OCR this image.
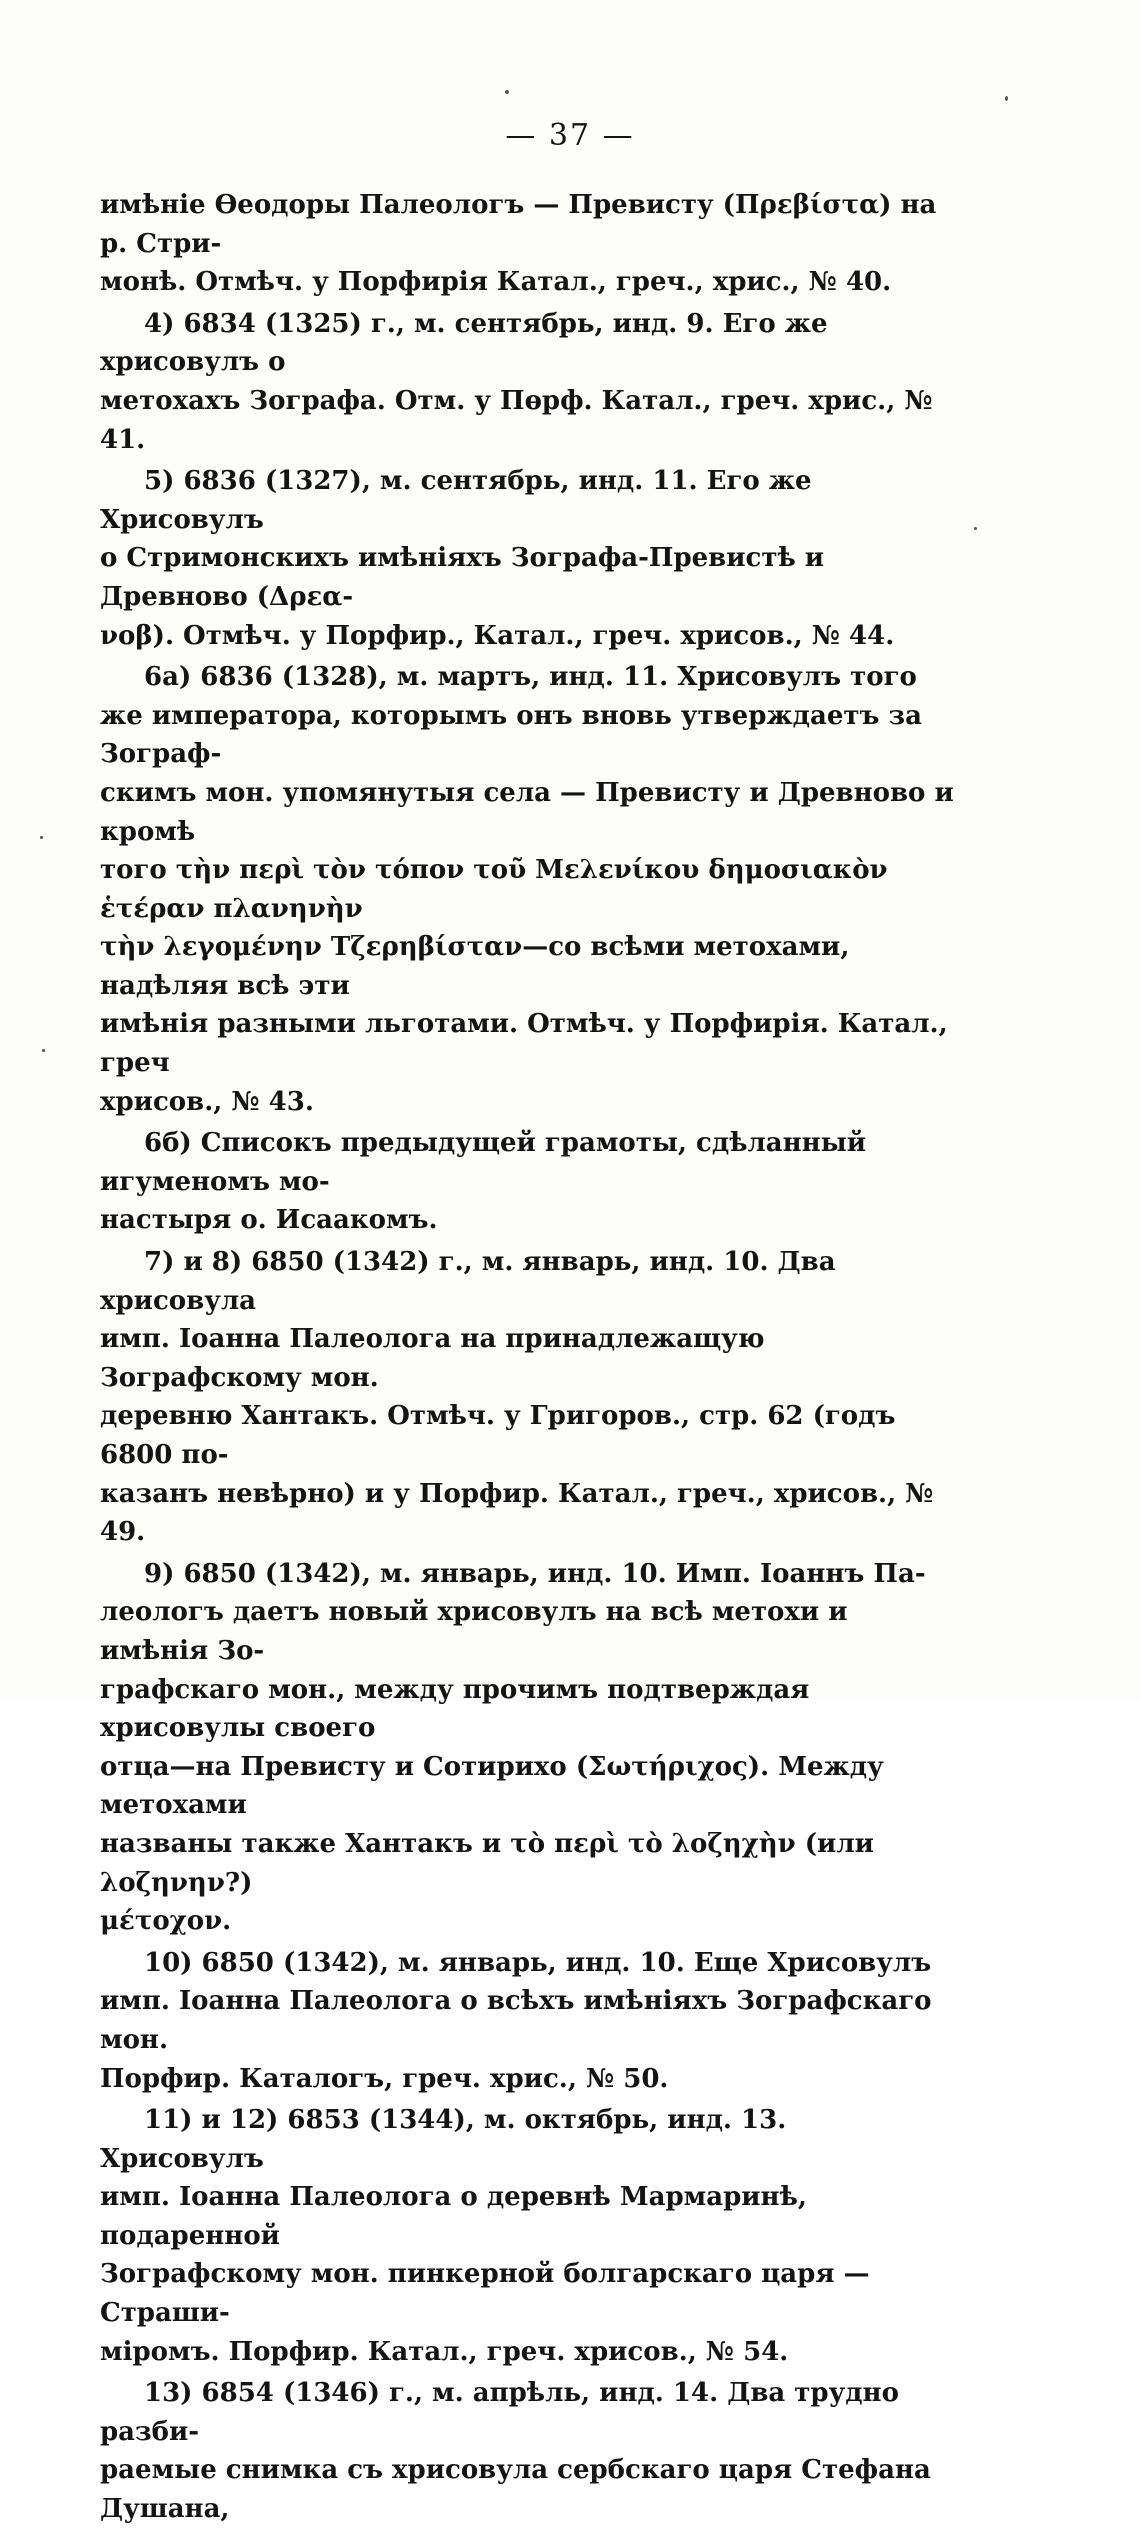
— 37 —

имѣніе Ѳеодоры Палеологъ — Превисту (Πρεβίστα) на р. Стри-
монѣ. Отмѣч. у Порфирія Катал., греч., хрис., № 40.

4) 6834 (1325) г., м. сентябрь, инд. 9. Его же хрисовулъ о
метохахъ Зографа. Отм. у Пөрф. Катал., греч. хрис., № 41.

5) 6836 (1327), м. сентябрь, инд. 11. Его же Хрисовулъ
о Стримонскихъ имѣніяхъ Зографа-Превистѣ и Древново (Δρεα-
νοβ). Отмѣч. у Порфир., Катал., греч. хрисов., № 44.

6а) 6836 (1328), м. мартъ, инд. 11. Хрисовулъ того
же императора, которымъ онъ вновь утверждаетъ за Зограф-
скимъ мон. упомянутыя села — Превисту и Древново и кромѣ
того τὴν περὶ τὸν τόπον τοῦ Μελενίκου δημοσιακὸν ἑτέραν πλανηνὴν
τὴν λεγομένην Τζερηβίσταν—со всѣми метохами, надѣляя всѣ эти
имѣнія разными льготами. Отмѣч. у Порфирія. Катал., греч
хрисов., № 43.

6б) Списокъ предыдущей грамоты, сдѣланный игуменомъ мо-
настыря о. Исаакомъ.

7) и 8) 6850 (1342) г., м. январь, инд. 10. Два хрисовула
имп. Іоанна Палеолога на принадлежащую Зографскому мон.
деревню Хантакъ. Отмѣч. у Григоров., стр. 62 (годъ 6800 по-
казанъ невѣрно) и у Порфир. Катал., греч., хрисов., № 49.

9) 6850 (1342), м. январь, инд. 10. Имп. Іоаннъ Па-
леологъ даетъ новый хрисовулъ на всѣ метохи и имѣнія Зо-
графскаго мон., между прочимъ подтверждая хрисовулы своего
отца—на Превисту и Сотирихо (Σωτήριχος). Между метохами
названы также Хантакъ и τὸ περὶ τὸ λοζηχὴν (или λοζηνην?)
μέτοχον.

10) 6850 (1342), м. январь, инд. 10. Еще Хрисовулъ
имп. Іоанна Палеолога о всѣхъ имѣніяхъ Зографскаго мон.
Порфир. Каталогъ, греч. хрис., № 50.

11) и 12) 6853 (1344), м. октябрь, инд. 13. Хрисовулъ
имп. Іоанна Палеолога о деревнѣ Мармаринѣ, подаренной
Зографскому мон. пинкерной болгарскаго царя — Страши-
міромъ. Порфир. Катал., греч. хрисов., № 54.

13) 6854 (1346) г., м. апрѣль, инд. 14. Два трудно разби-
раемые снимка съ хрисовула сербскаго царя Стефана Душана,
